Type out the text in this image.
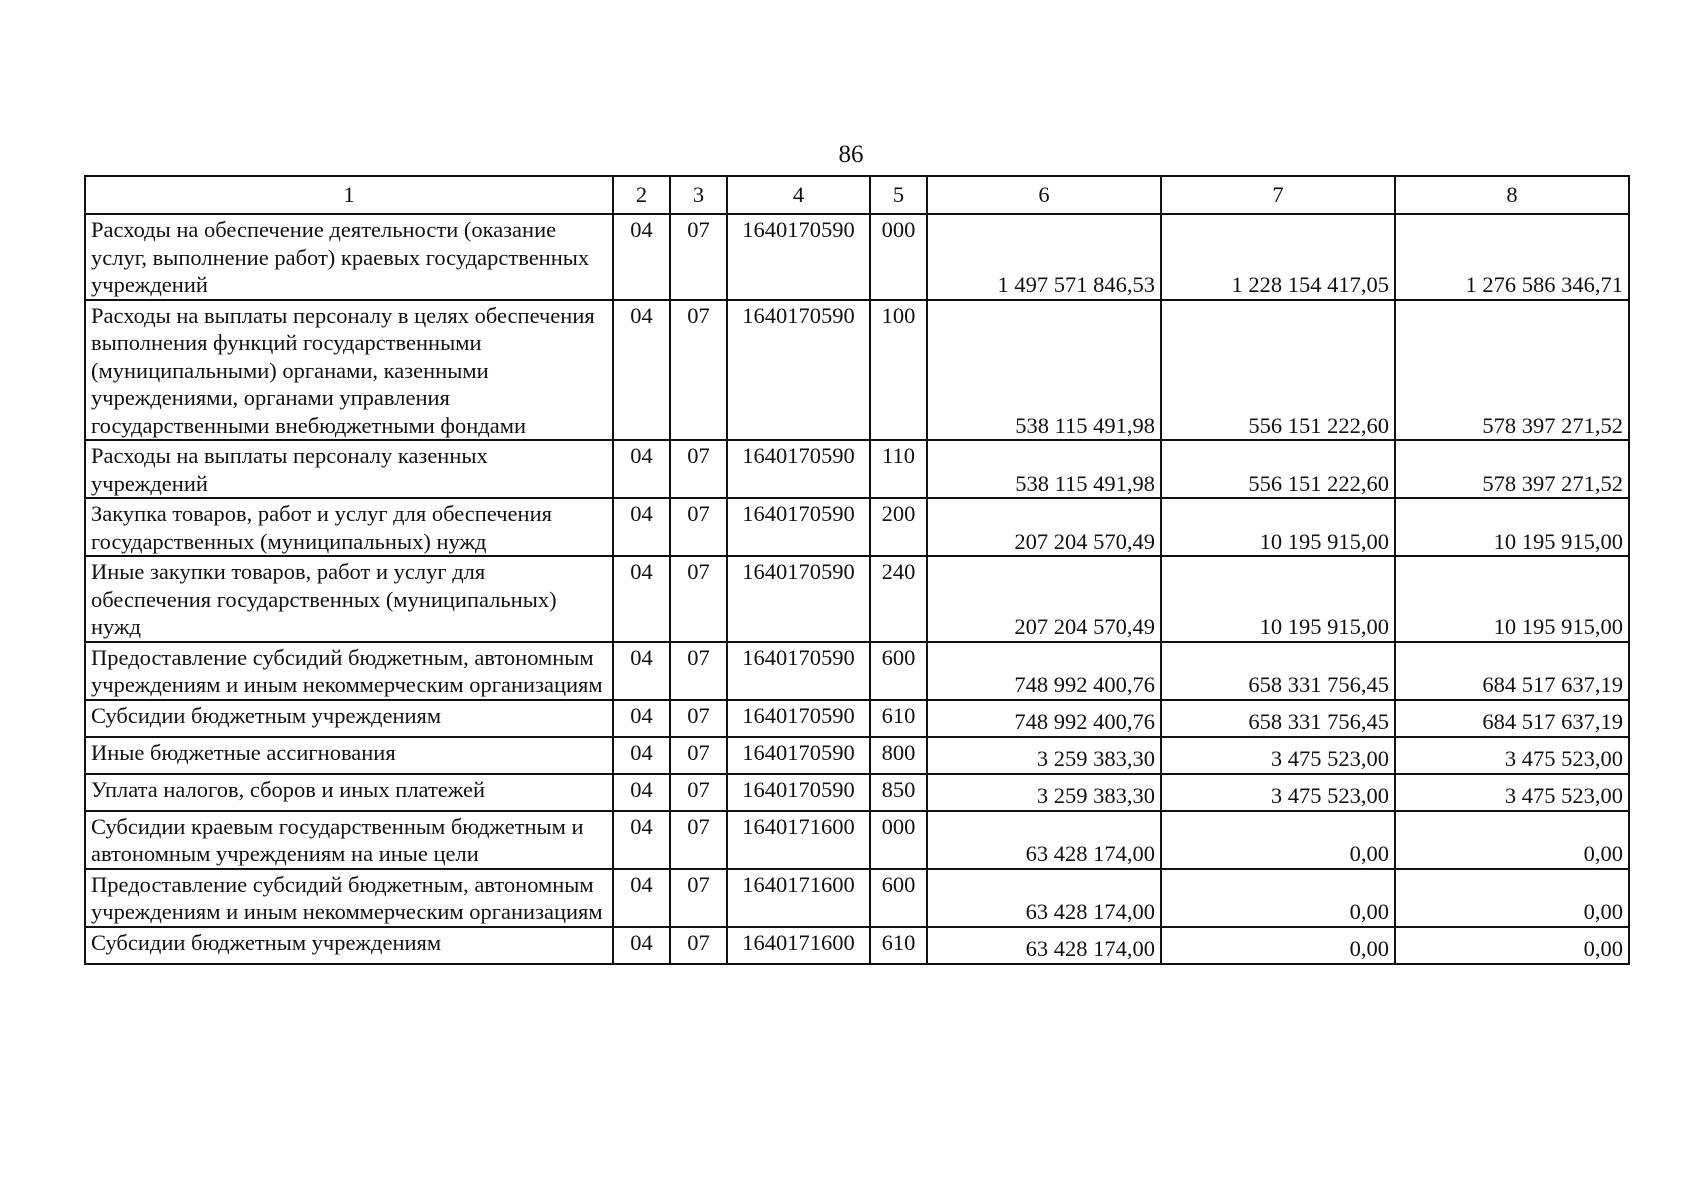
86
1	2	3	4	5	6	7	8
Расходы на обеспечение деятельности (оказание услуг, выполнение работ) краевых государственных учреждений	04	07	1640170590	000	1 497 571 846,53	1 228 154 417,05	1 276 586 346,71
Расходы на выплаты персоналу в целях обеспечения выполнения функций государственными (муниципальными) органами, казенными учреждениями, органами управления государственными внебюджетными фондами	04	07	1640170590	100	538 115 491,98	556 151 222,60	578 397 271,52
Расходы на выплаты персоналу казенных учреждений	04	07	1640170590	110	538 115 491,98	556 151 222,60	578 397 271,52
Закупка товаров, работ и услуг для обеспечения государственных (муниципальных) нужд	04	07	1640170590	200	207 204 570,49	10 195 915,00	10 195 915,00
Иные закупки товаров, работ и услуг для обеспечения государственных (муниципальных) нужд	04	07	1640170590	240	207 204 570,49	10 195 915,00	10 195 915,00
Предоставление субсидий бюджетным, автономным учреждениям и иным некоммерческим организациям	04	07	1640170590	600	748 992 400,76	658 331 756,45	684 517 637,19
Субсидии бюджетным учреждениям	04	07	1640170590	610	748 992 400,76	658 331 756,45	684 517 637,19
Иные бюджетные ассигнования	04	07	1640170590	800	3 259 383,30	3 475 523,00	3 475 523,00
Уплата налогов, сборов и иных платежей	04	07	1640170590	850	3 259 383,30	3 475 523,00	3 475 523,00
Субсидии краевым государственным бюджетным и автономным учреждениям на иные цели	04	07	1640171600	000	63 428 174,00	0,00	0,00
Предоставление субсидий бюджетным, автономным учреждениям и иным некоммерческим организациям	04	07	1640171600	600	63 428 174,00	0,00	0,00
Субсидии бюджетным учреждениям	04	07	1640171600	610	63 428 174,00	0,00	0,00
